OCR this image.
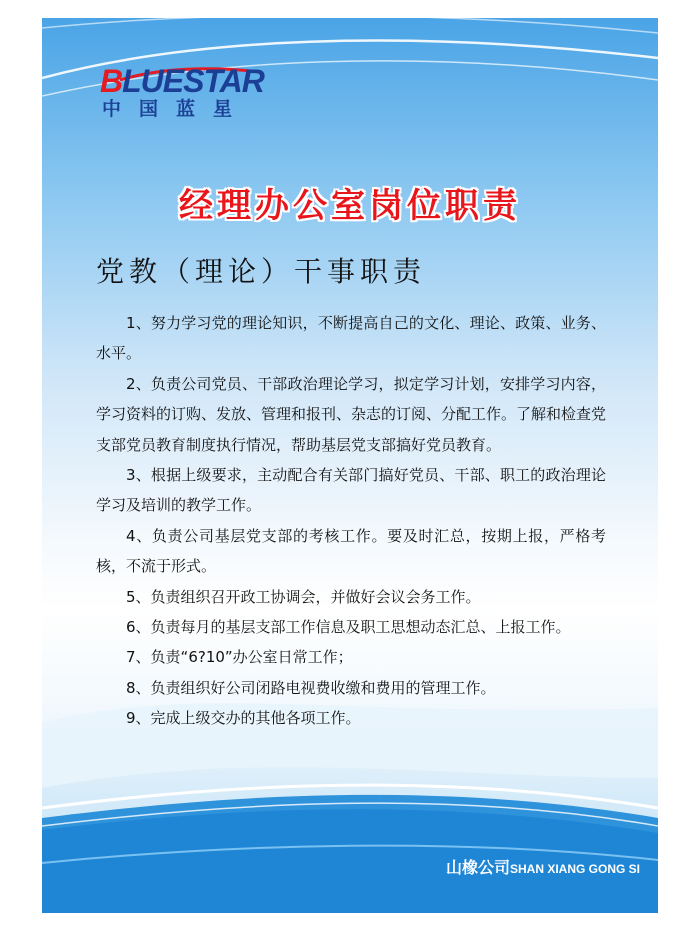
BLUESTAR
中国蓝星
经理办公室岗位职责
党教（理论）干事职责
1、努力学习党的理论知识，不断提高自己的文化、理论、政策、业务、水平。
2、负责公司党员、干部政治理论学习，拟定学习计划，安排学习内容，学习资料的订购、发放、管理和报刊、杂志的订阅、分配工作。了解和检查党支部党员教育制度执行情况，帮助基层党支部搞好党员教育。
3、根据上级要求，主动配合有关部门搞好党员、干部、职工的政治理论学习及培训的教学工作。
4、负责公司基层党支部的考核工作。要及时汇总，按期上报，严格考核，不流于形式。
5、负责组织召开政工协调会，并做好会议会务工作。
6、负责每月的基层支部工作信息及职工思想动态汇总、上报工作。
7、负责“6?10”办公室日常工作；
8、负责组织好公司闭路电视费收缴和费用的管理工作。
9、完成上级交办的其他各项工作。
山橡公司SHAN XIANG GONG SI
